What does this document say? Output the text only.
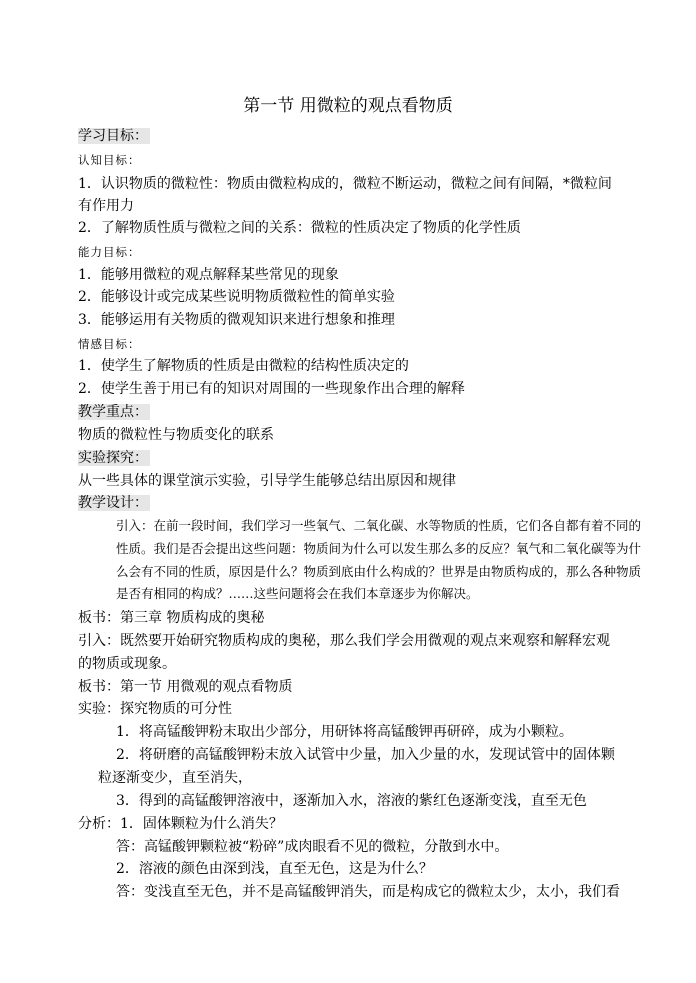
第一节 用微粒的观点看物质
学习目标：
认知目标：
1．认识物质的微粒性：物质由微粒构成的，微粒不断运动，微粒之间有间隔，*微粒间
有作用力
2．了解物质性质与微粒之间的关系：微粒的性质决定了物质的化学性质
能力目标：
1．能够用微粒的观点解释某些常见的现象
2．能够设计或完成某些说明物质微粒性的简单实验
3．能够运用有关物质的微观知识来进行想象和推理
情感目标：
1．使学生了解物质的性质是由微粒的结构性质决定的
2．使学生善于用已有的知识对周围的一些现象作出合理的解释
教学重点：
物质的微粒性与物质变化的联系
实验探究：
从一些具体的课堂演示实验，引导学生能够总结出原因和规律
教学设计：
引入：在前一段时间，我们学习一些氧气、二氧化碳、水等物质的性质，它们各自都有着不同的
性质。我们是否会提出这些问题：物质间为什么可以发生那么多的反应？氧气和二氧化碳等为什
么会有不同的性质，原因是什么？物质到底由什么构成的？世界是由物质构成的，那么各种物质
是否有相同的构成？……这些问题将会在我们本章逐步为你解决。
板书：第三章 物质构成的奥秘
引入：既然要开始研究物质构成的奥秘，那么我们学会用微观的观点来观察和解释宏观
的物质或现象。
板书：第一节 用微观的观点看物质
实验：探究物质的可分性
1．将高锰酸钾粉末取出少部分，用研钵将高锰酸钾再研碎，成为小颗粒。
2．将研磨的高锰酸钾粉末放入试管中少量，加入少量的水，发现试管中的固体颗
粒逐渐变少，直至消失，
3．得到的高锰酸钾溶液中，逐渐加入水，溶液的紫红色逐渐变浅，直至无色
分析：1．固体颗粒为什么消失？
答：高锰酸钾颗粒被“粉碎”成肉眼看不见的微粒，分散到水中。
2．溶液的颜色由深到浅，直至无色，这是为什么？
答：变浅直至无色，并不是高锰酸钾消失，而是构成它的微粒太少，太小，我们看
